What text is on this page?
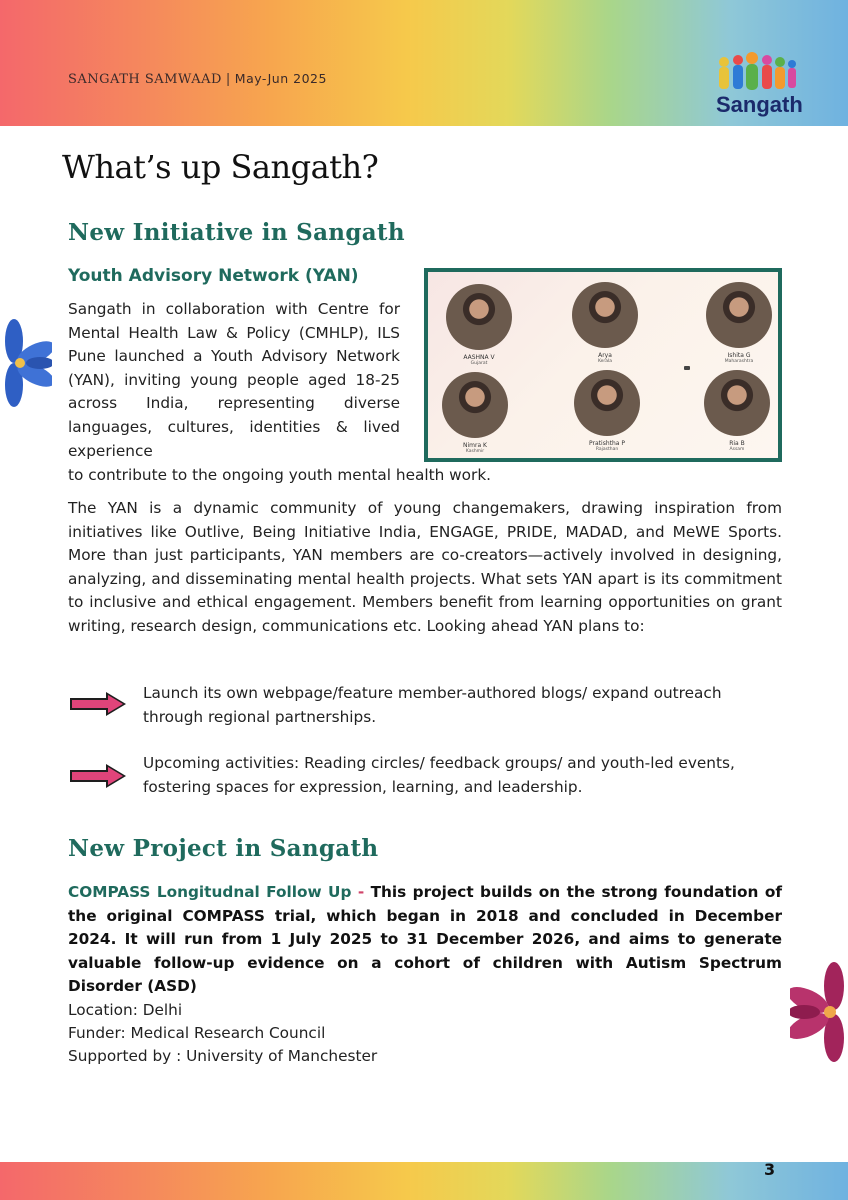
SANGATH SAMWAAD | May-Jun 2025
Sangath
What’s up Sangath?
New Initiative in Sangath
Youth Advisory Network (YAN)
Sangath in collaboration with Centre for Mental Health Law & Policy (CMHLP), ILS Pune launched a Youth Advisory Network (YAN), inviting young people aged 18-25 across India, representing diverse languages, cultures, identities & lived experience
to contribute to the ongoing youth mental health work.
AASHNA V
Gujarat
Arya
Kerala
Ishita G
Maharashtra
Nimra K
Kashmir
Pratishtha P
Rajasthan
Ria B
Assam
The YAN is a dynamic community of young changemakers, drawing inspiration from initiatives like Outlive, Being Initiative India, ENGAGE, PRIDE, MADAD, and MeWE Sports. More than just participants, YAN members are co-creators—actively involved in designing, analyzing, and disseminating mental health projects. What sets YAN apart is its commitment to inclusive and ethical engagement. Members benefit from learning opportunities on grant writing, research design, communications etc. Looking ahead YAN plans to:
Launch its own webpage/feature member-authored blogs/ expand outreach through regional partnerships.
Upcoming activities: Reading circles/ feedback groups/ and youth-led events, fostering spaces for expression, learning, and leadership.
New Project in Sangath
COMPASS Longitudnal Follow Up - This project builds on the strong foundation of the original COMPASS trial, which began in 2018 and concluded in December 2024. It will run from 1 July 2025 to 31 December 2026, and aims to generate valuable follow-up evidence on a cohort of children with Autism Spectrum Disorder (ASD)
Location: Delhi
Funder: Medical Research Council
Supported by : University of Manchester
3
